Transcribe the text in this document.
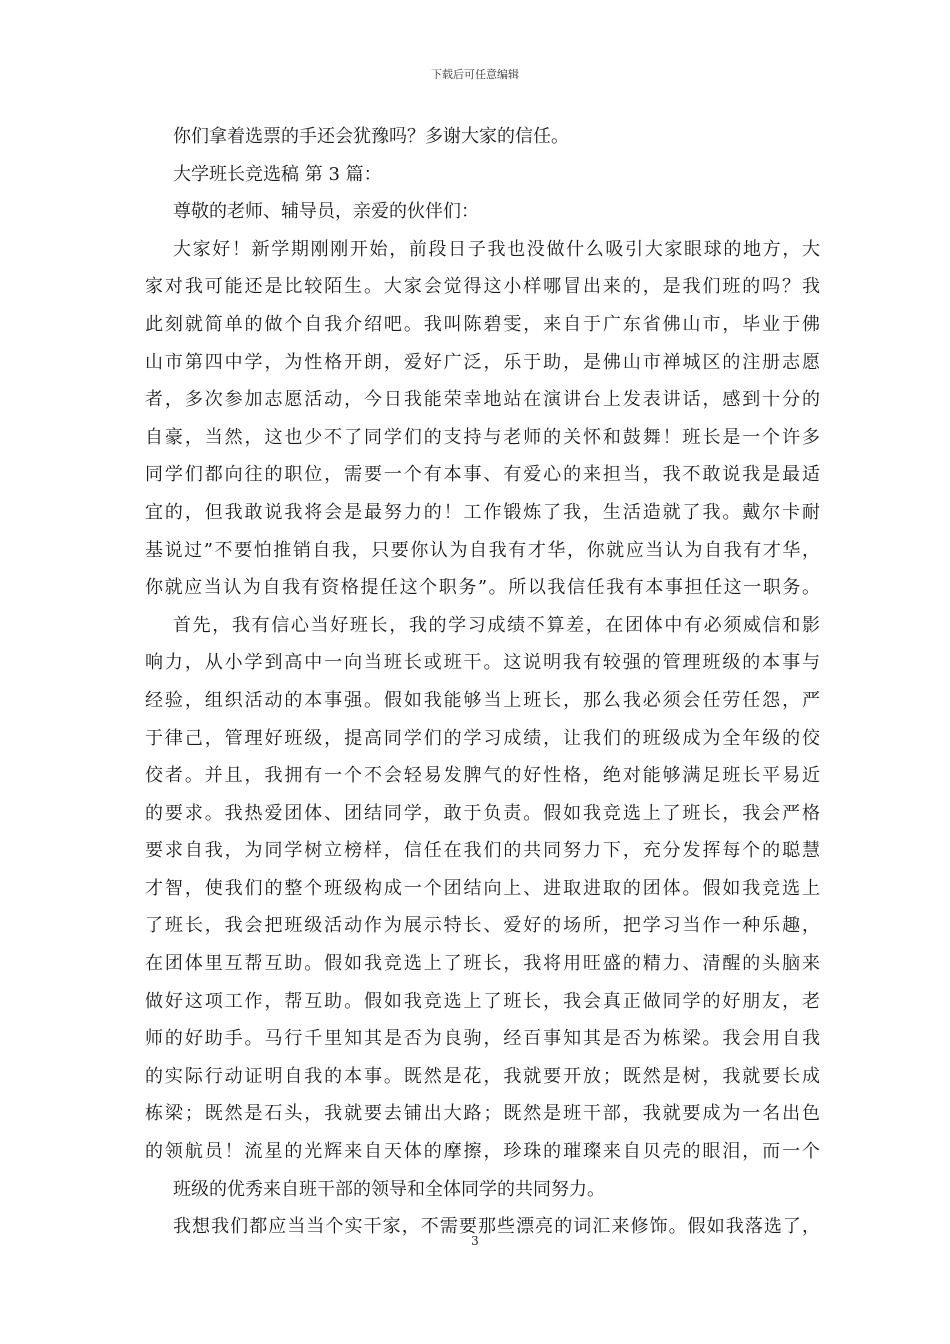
下载后可任意编辑
你们拿着选票的手还会犹豫吗？多谢大家的信任。
大学班长竞选稿 第 3 篇：
尊敬的老师、辅导员，亲爱的伙伴们：
大家好！新学期刚刚开始，前段日子我也没做什么吸引大家眼球的地方，大
家对我可能还是比较陌生。大家会觉得这小样哪冒出来的，是我们班的吗？我
此刻就简单的做个自我介绍吧。我叫陈碧雯，来自于广东省佛山市，毕业于佛
山市第四中学，为性格开朗，爱好广泛，乐于助，是佛山市禅城区的注册志愿
者，多次参加志愿活动，今日我能荣幸地站在演讲台上发表讲话，感到十分的
自豪，当然，这也少不了同学们的支持与老师的关怀和鼓舞！班长是一个许多
同学们都向往的职位，需要一个有本事、有爱心的来担当，我不敢说我是最适
宜的，但我敢说我将会是最努力的！工作锻炼了我，生活造就了我。戴尔卡耐
基说过”不要怕推销自我，只要你认为自我有才华，你就应当认为自我有才华，
你就应当认为自我有资格提任这个职务”。所以我信任我有本事担任这一职务。
首先，我有信心当好班长，我的学习成绩不算差，在团体中有必须威信和影
响力，从小学到高中一向当班长或班干。这说明我有较强的管理班级的本事与
经验，组织活动的本事强。假如我能够当上班长，那么我必须会任劳任怨，严
于律己，管理好班级，提高同学们的学习成绩，让我们的班级成为全年级的佼
佼者。并且，我拥有一个不会轻易发脾气的好性格，绝对能够满足班长平易近
的要求。我热爱团体、团结同学，敢于负责。假如我竞选上了班长，我会严格
要求自我，为同学树立榜样，信任在我们的共同努力下，充分发挥每个的聪慧
才智，使我们的整个班级构成一个团结向上、进取进取的团体。假如我竞选上
了班长，我会把班级活动作为展示特长、爱好的场所，把学习当作一种乐趣，
在团体里互帮互助。假如我竞选上了班长，我将用旺盛的精力、清醒的头脑来
做好这项工作，帮互助。假如我竞选上了班长，我会真正做同学的好朋友，老
师的好助手。马行千里知其是否为良驹，经百事知其是否为栋梁。我会用自我
的实际行动证明自我的本事。既然是花，我就要开放；既然是树，我就要长成
栋梁；既然是石头，我就要去铺出大路；既然是班干部，我就要成为一名出色
的领航员！流星的光辉来自天体的摩擦，珍珠的璀璨来自贝壳的眼泪，而一个
班级的优秀来自班干部的领导和全体同学的共同努力。
我想我们都应当当个实干家，不需要那些漂亮的词汇来修饰。假如我落选了，
3
